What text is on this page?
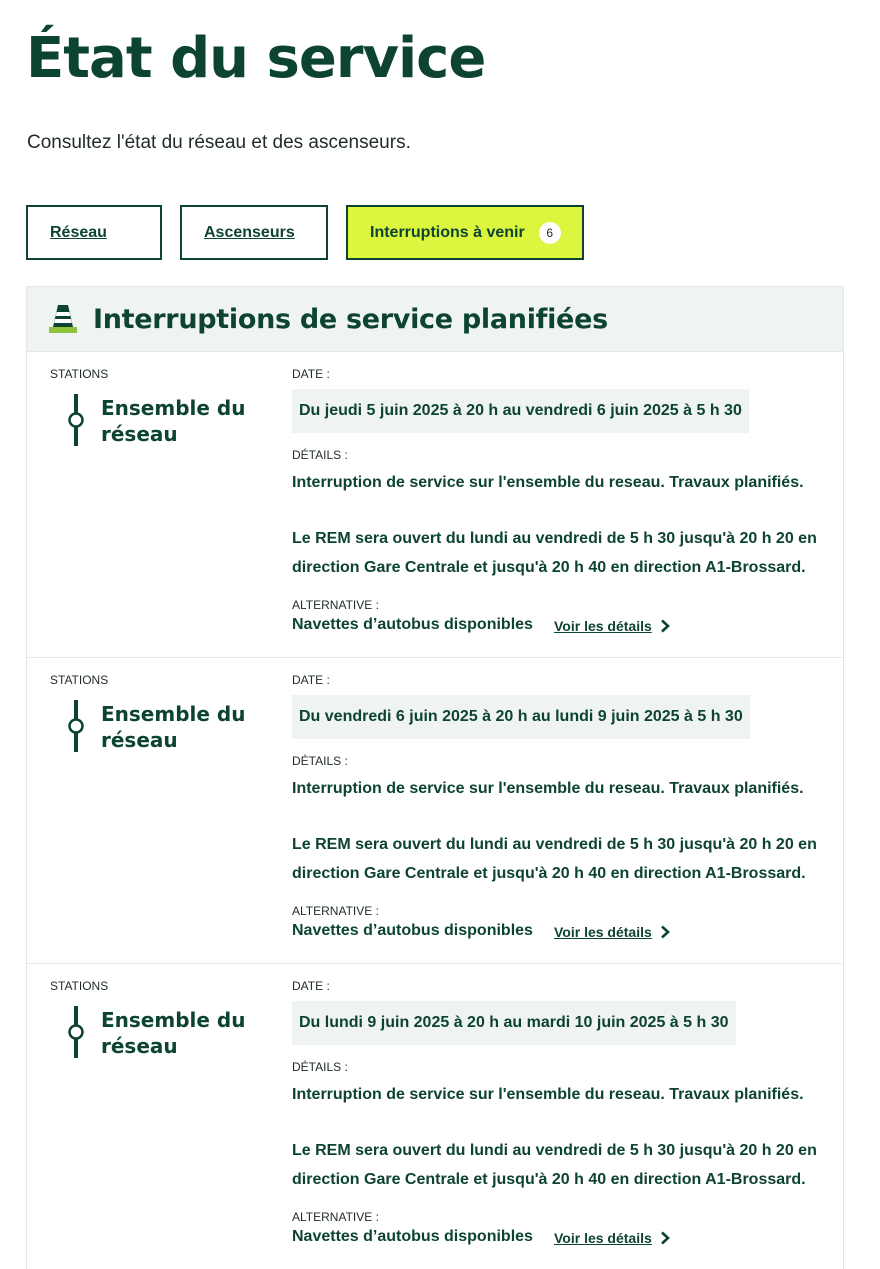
État du service

Consultez l'état du réseau et des ascenseurs.

Réseau	Ascenseurs	Interruptions à venir	6
Interruptions de service planifiées
STATIONS
Ensemble du réseau
DATE :
Du jeudi 5 juin 2025 à 20 h au vendredi 6 juin 2025 à 5 h 30
DÉTAILS :

Interruption de service sur l'ensemble du reseau. Travaux planifiés.

Le REM sera ouvert du lundi au vendredi de 5 h 30 jusqu'à 20 h 20 en direction Gare Centrale et jusqu'à 20 h 40 en direction A1-Brossard.

ALTERNATIVE :
Navettes d’autobus disponibles Voir les détails
STATIONS
Ensemble du réseau
DATE :
Du vendredi 6 juin 2025 à 20 h au lundi 9 juin 2025 à 5 h 30
DÉTAILS :

Interruption de service sur l'ensemble du reseau. Travaux planifiés.

Le REM sera ouvert du lundi au vendredi de 5 h 30 jusqu'à 20 h 20 en direction Gare Centrale et jusqu'à 20 h 40 en direction A1-Brossard.

ALTERNATIVE :
Navettes d’autobus disponibles Voir les détails
STATIONS
Ensemble du réseau
DATE :
Du lundi 9 juin 2025 à 20 h au mardi 10 juin 2025 à 5 h 30
DÉTAILS :

Interruption de service sur l'ensemble du reseau. Travaux planifiés.

Le REM sera ouvert du lundi au vendredi de 5 h 30 jusqu'à 20 h 20 en direction Gare Centrale et jusqu'à 20 h 40 en direction A1-Brossard.

ALTERNATIVE :
Navettes d’autobus disponibles Voir les détails
